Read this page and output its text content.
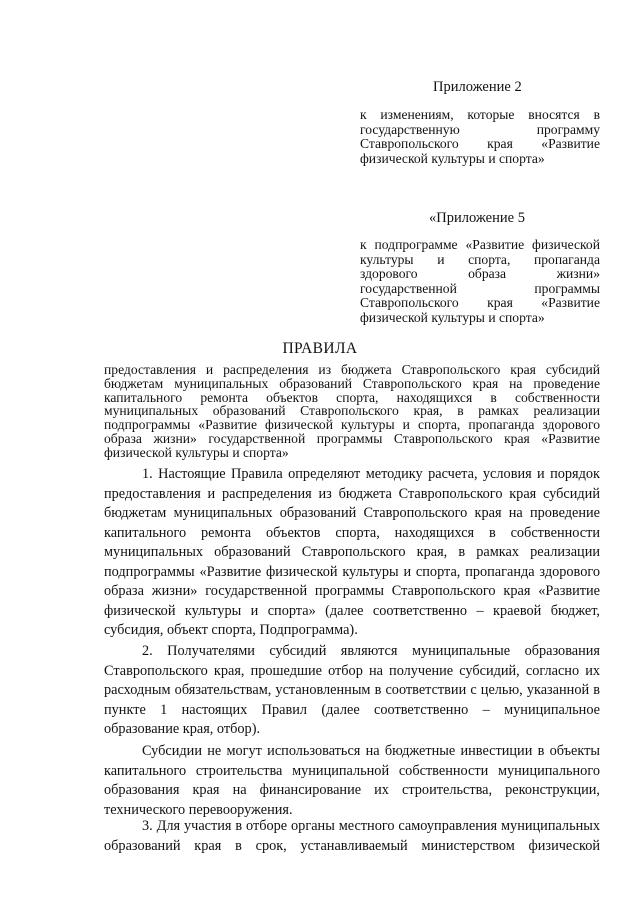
Приложение 2
к изменениям, которые вносятся в государственную программу Ставропольского края «Развитие физической культуры и спорта»
«Приложение 5
к подпрограмме «Развитие физической культуры и спорта, пропаганда здорового образа жизни» государственной программы Ставропольского края «Развитие физической культуры и спорта»
ПРАВИЛА
предоставления и распределения из бюджета Ставропольского края субсидий бюджетам муниципальных образований Ставропольского края на проведение капитального ремонта объектов спорта, находящихся в собственности муниципальных образований Ставропольского края, в рамках реализации подпрограммы «Развитие физической культуры и спорта, пропаганда здорового образа жизни» государственной программы Ставропольского края «Развитие физической культуры и спорта»
1. Настоящие Правила определяют методику расчета, условия и порядок предоставления и распределения из бюджета Ставропольского края субсидий бюджетам муниципальных образований Ставропольского края на проведение капитального ремонта объектов спорта, находящихся в собственности муниципальных образований Ставропольского края, в рамках реализации подпрограммы «Развитие физической культуры и спорта, пропаганда здорового образа жизни» государственной программы Ставропольского края «Развитие физической культуры и спорта» (далее соответственно – краевой бюджет, субсидия, объект спорта, Подпрограмма).
2. Получателями субсидий являются муниципальные образования Ставропольского края, прошедшие отбор на получение субсидий, согласно их расходным обязательствам, установленным в соответствии с целью, указанной в пункте 1 настоящих Правил (далее соответственно – муниципальное образование края, отбор).
Субсидии не могут использоваться на бюджетные инвестиции в объекты капитального строительства муниципальной собственности муниципального образования края на финансирование их строительства, реконструкции, технического перевооружения.
3. Для участия в отборе органы местного самоуправления муниципальных образований края в срок, устанавливаемый министерством физической
